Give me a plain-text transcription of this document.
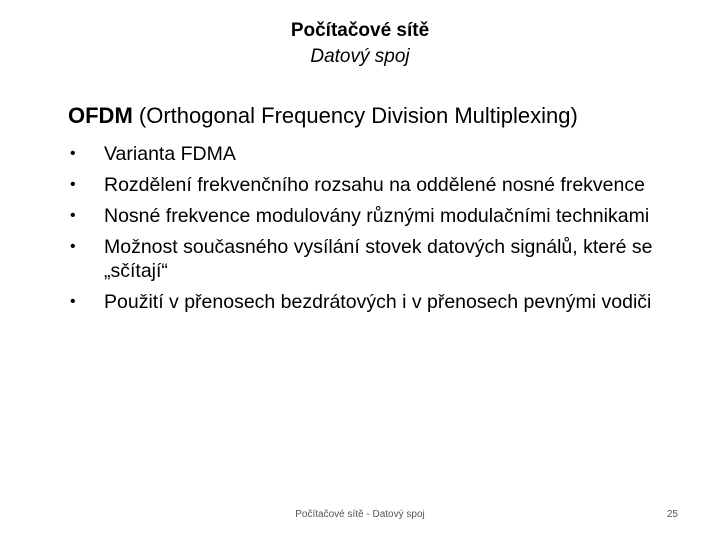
Počítačové sítě
Datový spoj
OFDM (Orthogonal Frequency Division Multiplexing)
• Varianta FDMA
• Rozdělení frekvenčního rozsahu na oddělené nosné frekvence
• Nosné frekvence modulovány různými modulačními technikami
• Možnost současného vysílání stovek datových signálů, které se „sčítají“
• Použití v přenosech bezdrátových i v přenosech pevnými vodiči
Počítačové sítě - Datový spoj	25
